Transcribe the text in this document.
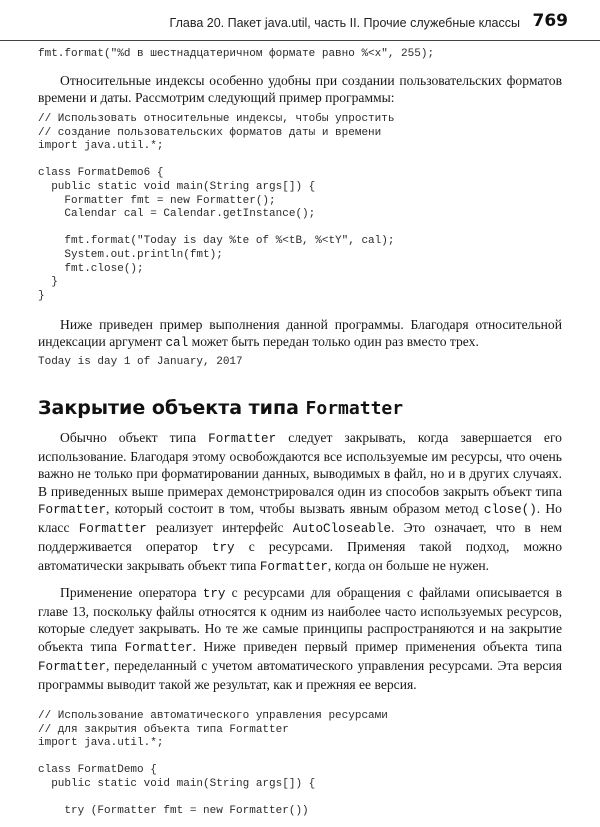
Глава 20. Пакет java.util, часть II. Прочие служебные классы 769
fmt.format("%d в шестнадцатеричном формате равно %<x", 255);

Относительные индексы особенно удобны при создании пользовательских форматов времени и даты. Рассмотрим следующий пример программы:

// Использовать относительные индексы, чтобы упростить
// создание пользовательских форматов даты и времени
import java.util.*;

class FormatDemo6 {
public static void main(String args[]) {
Formatter fmt = new Formatter();
Calendar cal = Calendar.getInstance();

fmt.format("Today is day %te of %<tB, %<tY", cal);
System.out.println(fmt);
fmt.close();
}
}

Ниже приведен пример выполнения данной программы. Благодаря относительной индексации аргумент cal может быть передан только один раз вместо трех.

Today is day 1 of January, 2017
Закрытие объекта типа Formatter

Обычно объект типа Formatter следует закрывать, когда завершается его использование. Благодаря этому освобождаются все используемые им ресурсы, что очень важно не только при форматировании данных, выводимых в файл, но и в других случаях. В приведенных выше примерах демонстрировался один из способов закрыть объект типа Formatter, который состоит в том, чтобы вызвать явным образом метод close(). Но класс Formatter реализует интерфейс AutoCloseable. Это означает, что в нем поддерживается оператор try с ресурсами. Применяя такой подход, можно автоматически закрывать объект типа Formatter, когда он больше не нужен.

Применение оператора try с ресурсами для обращения с файлами описывается в главе 13, поскольку файлы относятся к одним из наиболее часто используемых ресурсов, которые следует закрывать. Но те же самые принципы распространяются и на закрытие объекта типа Formatter. Ниже приведен первый пример применения объекта типа Formatter, переделанный с учетом автоматического управления ресурсами. Эта версия программы выводит такой же результат, как и прежняя ее версия.

// Использование автоматического управления ресурсами
// для закрытия объекта типа Formatter
import java.util.*;

class FormatDemo {
public static void main(String args[]) {

try (Formatter fmt = new Formatter())
